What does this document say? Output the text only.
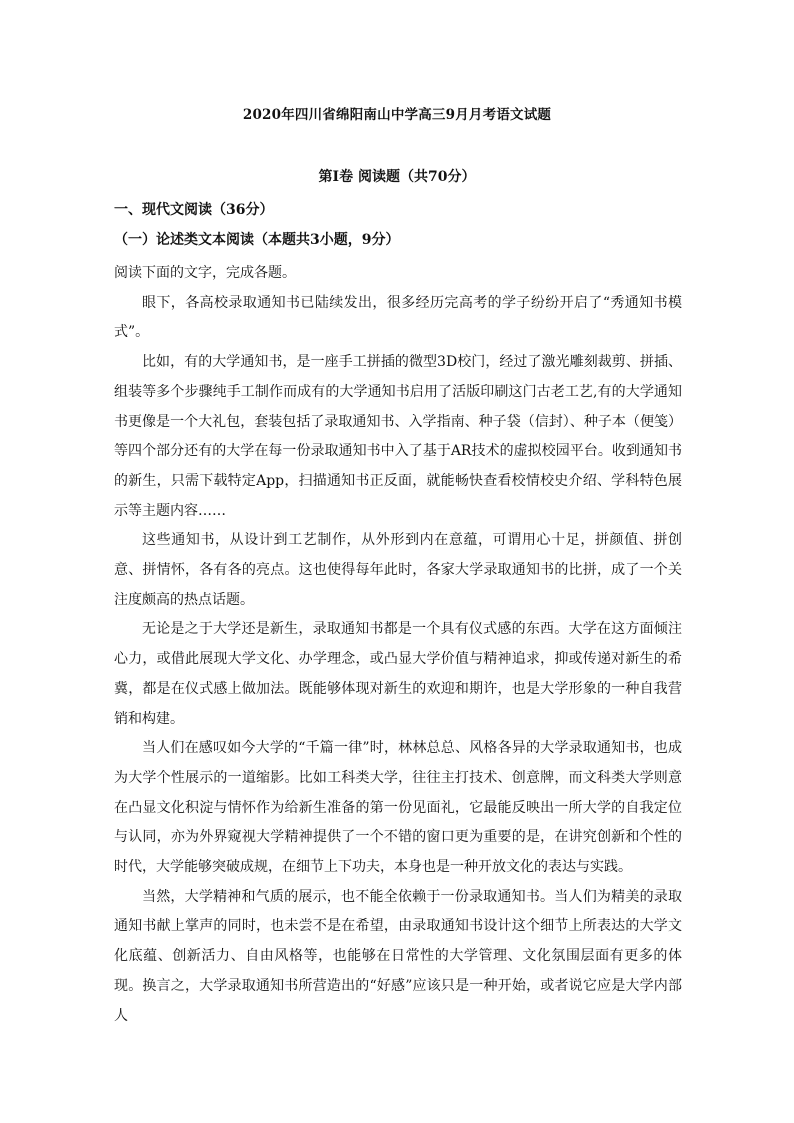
2020年四川省绵阳南山中学高三9月月考语文试题
第Ⅰ卷 阅读题（共70分）
一、现代文阅读（36分）
（一）论述类文本阅读（本题共3小题，9分）

阅读下面的文字，完成各题。

眼下，各高校录取通知书已陆续发出，很多经历完高考的学子纷纷开启了“秀通知书模式”。

比如，有的大学通知书，是一座手工拼插的微型3D校门，经过了激光雕刻裁剪、拼插、组装等多个步骤纯手工制作而成有的大学通知书启用了活版印刷这门古老工艺,有的大学通知书更像是一个大礼包，套装包括了录取通知书、入学指南、种子袋（信封）、种子本（便笺）等四个部分还有的大学在每一份录取通知书中入了基于AR技术的虚拟校园平台。收到通知书的新生，只需下载特定App，扫描通知书正反面，就能畅快查看校情校史介绍、学科特色展示等主题内容……

这些通知书，从设计到工艺制作，从外形到内在意蕴，可谓用心十足，拼颜值、拼创意、拼情怀，各有各的亮点。这也使得每年此时，各家大学录取通知书的比拼，成了一个关注度颇高的热点话题。

无论是之于大学还是新生，录取通知书都是一个具有仪式感的东西。大学在这方面倾注心力，或借此展现大学文化、办学理念，或凸显大学价值与精神追求，抑或传递对新生的希冀，都是在仪式感上做加法。既能够体现对新生的欢迎和期许，也是大学形象的一种自我营销和构建。

当人们在感叹如今大学的“千篇一律”时，林林总总、风格各异的大学录取通知书，也成为大学个性展示的一道缩影。比如工科类大学，往往主打技术、创意牌，而文科类大学则意在凸显文化积淀与情怀作为给新生准备的第一份见面礼，它最能反映出一所大学的自我定位与认同，亦为外界窥视大学精神提供了一个不错的窗口更为重要的是，在讲究创新和个性的时代，大学能够突破成规，在细节上下功夫，本身也是一种开放文化的表达与实践。

当然，大学精神和气质的展示，也不能全依赖于一份录取通知书。当人们为精美的录取通知书献上掌声的同时，也未尝不是在希望，由录取通知书设计这个细节上所表达的大学文化底蕴、创新活力、自由风格等，也能够在日常性的大学管理、文化氛围层面有更多的体现。换言之，大学录取通知书所营造出的“好感”应该只是一种开始，或者说它应是大学内部人
